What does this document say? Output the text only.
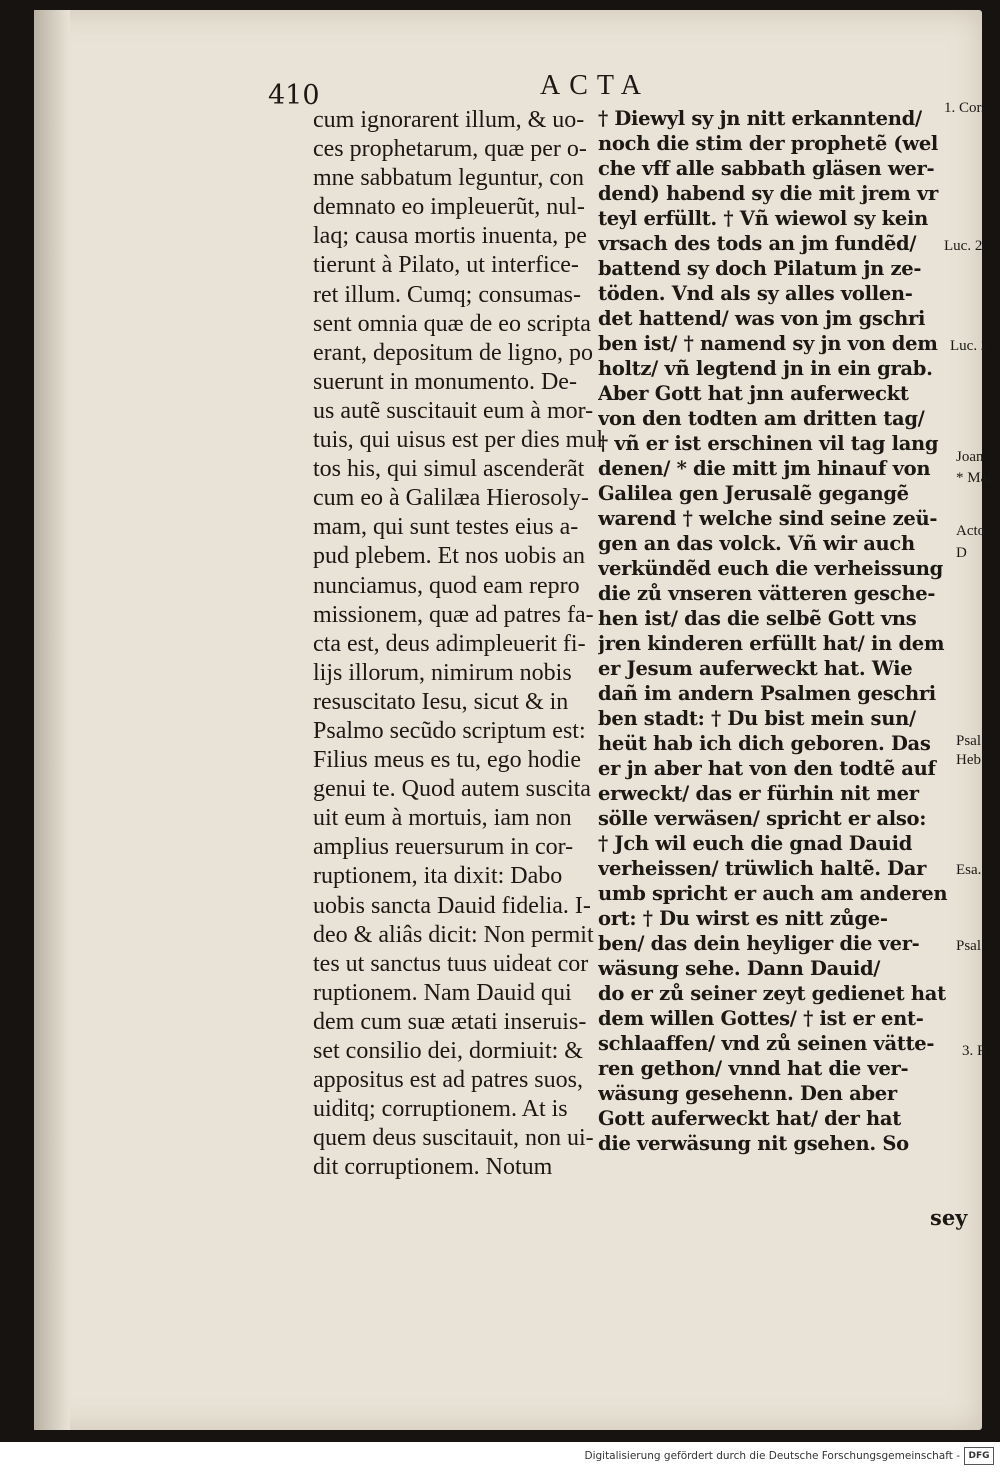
410	ACTA
cum ignorarent illum, & uo-
ces prophetarum, quæ per o-
mne sabbatum leguntur, con
demnato eo impleuerũt, nul-
laq; causa mortis inuenta, pe
tierunt à Pilato, ut interfice-
ret illum. Cumq; consumas-
sent omnia quæ de eo scripta
erant, depositum de ligno, po
suerunt in monumento. De-
us autẽ suscitauit eum à mor-
tuis, qui uisus est per dies mul
tos his, qui simul ascenderãt
cum eo à Galilæa Hierosoly-
mam, qui sunt testes eius a-
pud plebem. Et nos uobis an
nunciamus, quod eam repro
missionem, quæ ad patres fa-
cta est, deus adimpleuerit fi-
lijs illorum, nimirum nobis
resuscitato Iesu, sicut & in
Psalmo secũdo scriptum est:
Filius meus es tu, ego hodie
genui te. Quod autem suscita
uit eum à mortuis, iam non
amplius reuersurum in cor-
ruptionem, ita dixit: Dabo
uobis sancta Dauid fidelia. I-
deo & aliâs dicit: Non permit
tes ut sanctus tuus uideat cor
ruptionem. Nam Dauid qui
dem cum suæ ætati inseruis-
set consilio dei, dormiuit: &
appositus est ad patres suos,
uiditq; corruptionem. At is
quem deus suscitauit, non ui-
dit corruptionem. Notum
† Diewyl sy jn nitt erkanntend/
noch die stim der prophetẽ (wel
che vff alle sabbath gläsen wer-
dend) habend sy die mit jrem vr
teyl erfüllt. † Vñ wiewol sy kein
vrsach des tods an jm fundẽd/
battend sy doch Pilatum jn ze-
töden. Vnd als sy alles vollen-
det hattend/ was von jm gschri
ben ist/ † namend sy jn von dem
holtz/ vñ legtend jn in ein grab.
Aber Gott hat jnn auferweckt
von den todten am dritten tag/
† vñ er ist erschinen vil tag lang
denen/ * die mitt jm hinauf von
Galilea gen Jerusalẽ gegangẽ
warend † welche sind seine zeü-
gen an das volck. Vñ wir auch
verkündẽd euch die verheissung
die zů vnseren vätteren gesche-
hen ist/ das die selbẽ Gott vns
jren kinderen erfüllt hat/ in dem
er Jesum auferweckt hat. Wie
dañ im andern Psalmen geschri
ben stadt: † Du bist mein sun/
heüt hab ich dich geboren. Das
er jn aber hat von den todtẽ auf
erweckt/ das er fürhin nit mer
sölle verwäsen/ spricht er also:
† Jch wil euch die gnad Dauid
verheissen/ trüwlich haltẽ. Dar
umb spricht er auch am anderen
ort: † Du wirst es nitt zůge-
ben/ das dein heyliger die ver-
wäsung sehe. Dann Dauid/
do er zů seiner zeyt gedienet hat
dem willen Gottes/ † ist er ent-
schlaaffen/ vnd zů seinen vätte-
ren gethon/ vnnd hat die ver-
wäsung gesehenn. Den aber
Gott auferweckt hat/ der hat
die verwäsung nit gsehen. So
1. Cor.
Luc. 2
Luc. 2
Joan.
* Mat
Acto.
D
Psal.
Heb.
Esa.
Psal.
3. R
sey
Digitalisierung gefördert durch die Deutsche Forschungsgemeinschaft - DFG
